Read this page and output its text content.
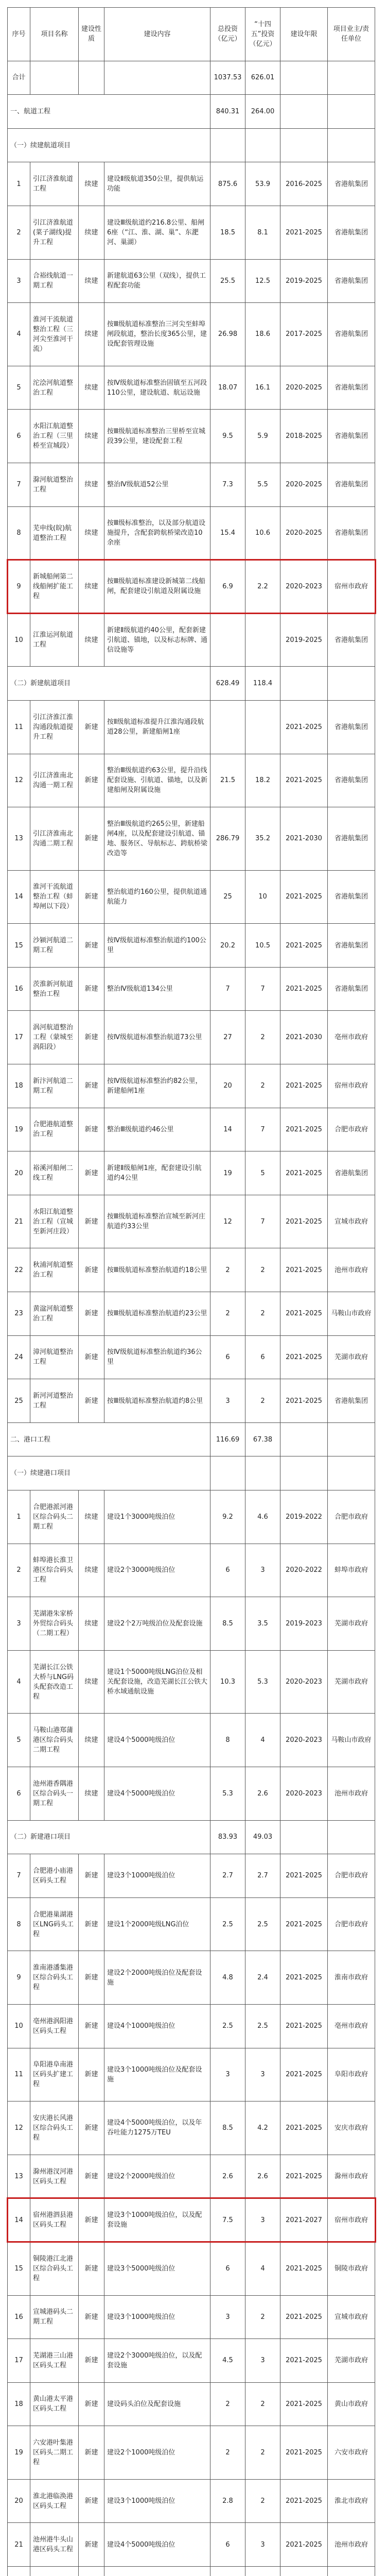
序号	项目名称	建设性质	建设内容	总投资（亿元）	“十四五”投资（亿元）	建设年限	项目业主/责任单位
合计				1037.53	626.01		
一、航道工程				840.31	264.00		
（一）续建航道项目							
1	引江济淮航道工程	续建	建设Ⅱ级航道350公里，提供航运功能	875.6	53.9	2016-2025	省港航集团
2	引江济淮航道(菜子湖线)提升工程	续建	建设Ⅲ级航道约216.8公里、船闸6座（“江、淮、湖、巢”、东淝河、巢湖）	18.5	8.1	2021-2025	省港航集团
3	合裕线航道一期工程	续建	新建航道63公里（双线），提供工程配套功能	25.5	12.5	2019-2025	省港航集团
4	淮河干流航道整治工程（三河尖至淮河干流）	续建	按Ⅲ级航道标准整治三河尖至蚌埠闸段航道，整治长度365公里，建设配套管理设施	26.98	18.6	2017-2025	省港航集团
5	沱浍河航道整治工程	续建	按Ⅳ级航道标准整治固镇至五河段110公里，建设航道、航运设施	18.07	16.1	2020-2025	省港航集团
6	水阳江航道整治工程（三里桥至宣城段）	续建	按Ⅲ级航道标准整治三里桥至宣城段39公里，建设配套工程	9.5	5.9	2018-2025	省港航集团
7	滁河航道整治工程	续建	整治Ⅳ级航道52公里	7.3	5.5	2020-2025	省港航集团
8	芜申线(皖)航道整治工程	续建	按Ⅲ级标准整治，以及部分航道设施提升，含配套跨航桥梁改造10余座	15.4	10.6	2020-2025	省港航集团
9	新城船闸第二线船闸扩能工程	续建	按Ⅲ级航道标准建设新城第二线船闸，配套建设引航道及附属设施	6.9	2.2	2020-2023	宿州市政府
10	江淮运河航道工程	续建	新建Ⅱ级航道约40公里，配套新建引航道、锚地，以及标志标牌、通信设施等			2019-2025	省港航集团
（二）新建航道项目				628.49	118.4		
11	引江济淮江淮沟通段航道提升工程	新建	按Ⅱ级航道标准提升江淮沟通段航道28公里，新建船闸1座			2021-2025	省港航集团
12	引江济淮南北沟通一期工程	新建	整治Ⅲ级航道约63公里，提升沿线配套设施、引航道、锚地，以及新建船闸及附属设施	21.5	18.2	2021-2025	省港航集团
13	引江济淮南北沟通二期工程	新建	整治Ⅲ级航道约265公里，新建船闸4座，以及配套建设引航道、锚地、服务区、导航标志、跨航桥梁改造等	286.79	35.2	2021-2030	省港航集团
14	淮河干流航道整治工程（蚌埠闸以下段）	新建	整治航道约160公里，提供航道通航能力	25	10	2021-2025	省港航集团
15	沙颍河航道二期工程	新建	按Ⅳ级航道标准整治航道约100公里	20.2	10.5	2021-2025	省港航集团
16	茨淮新河航道整治工程	新建	整治Ⅳ级航道134公里	7	7	2021-2025	省港航集团
17	涡河航道整治工程（蒙城至涡阳段）	新建	按Ⅳ级航道标准整治航道73公里	27	2	2021-2030	亳州市政府
18	新汴河航道二期工程	新建	按Ⅳ级航道标准整治约82公里，新建船闸1座	20	2	2021-2025	宿州市政府
19	合肥港航道整治工程	新建	整治Ⅲ级航道约46公里	14	7	2021-2025	合肥市政府
20	裕溪河船闸二线工程	新建	新建Ⅱ级船闸1座，配套建设引航道约4公里	19	5	2021-2025	省港航集团
21	水阳江航道整治工程（宣城至新河庄段）	新建	按Ⅲ级航道标准整治宣城至新河庄航道约33公里	12	7	2021-2025	宣城市政府
22	秋浦河航道整治工程	新建	按Ⅲ级航道标准整治航道约18公里	2	2	2021-2025	池州市政府
23	黄湓河航道整治工程	新建	按Ⅲ级航道标准整治航道约23公里	2	2	2021-2025	马鞍山市政府
24	漳河航道整治工程	新建	按Ⅳ级航道标准整治航道约36公里	6	6	2021-2025	芜湖市政府
25	新河河道整治工程	新建	按Ⅲ级航道标准整治航道约8公里	3	2	2021-2025	省港航集团
二、港口工程				116.69	67.38		
（一）续建港口项目							
1	合肥港派河港区综合码头二期工程	续建	建设1个3000吨级泊位	9.2	4.6	2019-2022	合肥市政府
2	蚌埠港长淮卫港区综合码头工程	续建	建设2个3000吨级泊位	6	3	2020-2022	蚌埠市政府
3	芜湖港朱家桥外贸综合码头（二期工程）	续建	建设2个2万吨级泊位及配套设施	8.5	3.5	2019-2023	芜湖市政府
4	芜湖长江公铁大桥与LNG码头配套改造工程	续建	建设1个5000吨级LNG泊位及相关配套设施，改造芜湖长江公铁大桥水域通航设施	10.3	5.3	2020-2023	芜湖市政府
5	马鞍山港郑蒲港区综合码头二期工程	续建	建设4个5000吨级泊位	8	4	2020-2023	马鞍山市政府
6	池州港香隅港区综合码头一期工程	续建	建设4个5000吨级泊位	5.3	2.6	2020-2023	池州市政府
（二）新建港口项目				83.93	49.03		
7	合肥港小庙港区码头工程	新建	建设3个1000吨级泊位	2.7	2.7	2021-2025	合肥市政府
8	合肥港巢湖港区LNG码头工程	新建	建设1个2000吨级LNG泊位	2.5	2.5	2021-2025	合肥市政府
9	淮南港潘集港区综合码头工程	新建	建设2个2000吨级泊位及配套设施	4.8	2.4	2021-2025	淮南市政府
10	亳州港涡阳港区码头工程	新建	建设4个1000吨级泊位	2.5	2.5	2021-2025	亳州市政府
11	阜阳港阜南港区码头扩建工程	新建	建设3个1000吨级泊位及配套设施	3	3	2021-2025	阜阳市政府
12	安庆港长风港区综合码头工程	新建	建设4个5000吨级泊位，以及年吞吐能力1275万TEU	8.5	4.2	2021-2025	安庆市政府
13	滁州港汊河港区码头工程	新建	建设2个2000吨级泊位	2.6	2.6	2021-2025	滁州市政府
14	宿州港泗县港区码头工程	新建	建设3个1000吨级泊位，以及配套设施	7.5	3	2021-2027	宿州市政府
15	铜陵港江北港区综合码头工程	新建	建设3个5000吨级泊位	6	4	2021-2025	铜陵市政府
16	宣城港码头二期工程	新建	建设3个1000吨级泊位	3	2	2021-2025	宣城市政府
17	芜湖港三山港区码头工程	新建	建设2个3000吨级泊位，以及配套设施	4.5	3	2021-2025	芜湖市政府
18	黄山港太平港区码头工程	新建	建设码头泊位及配套设施	2	2	2021-2025	黄山市政府
19	六安港叶集港区码头二期工程	新建	建设2个1000吨级泊位	2	2	2021-2025	六安市政府
20	淮北港临涣港区码头工程	新建	建设3个1000吨级泊位	2.8	2	2021-2025	淮北市政府
21	池州港牛头山港区码头工程	新建	建设4个5000吨级泊位	6	3	2021-2025	池州市政府
